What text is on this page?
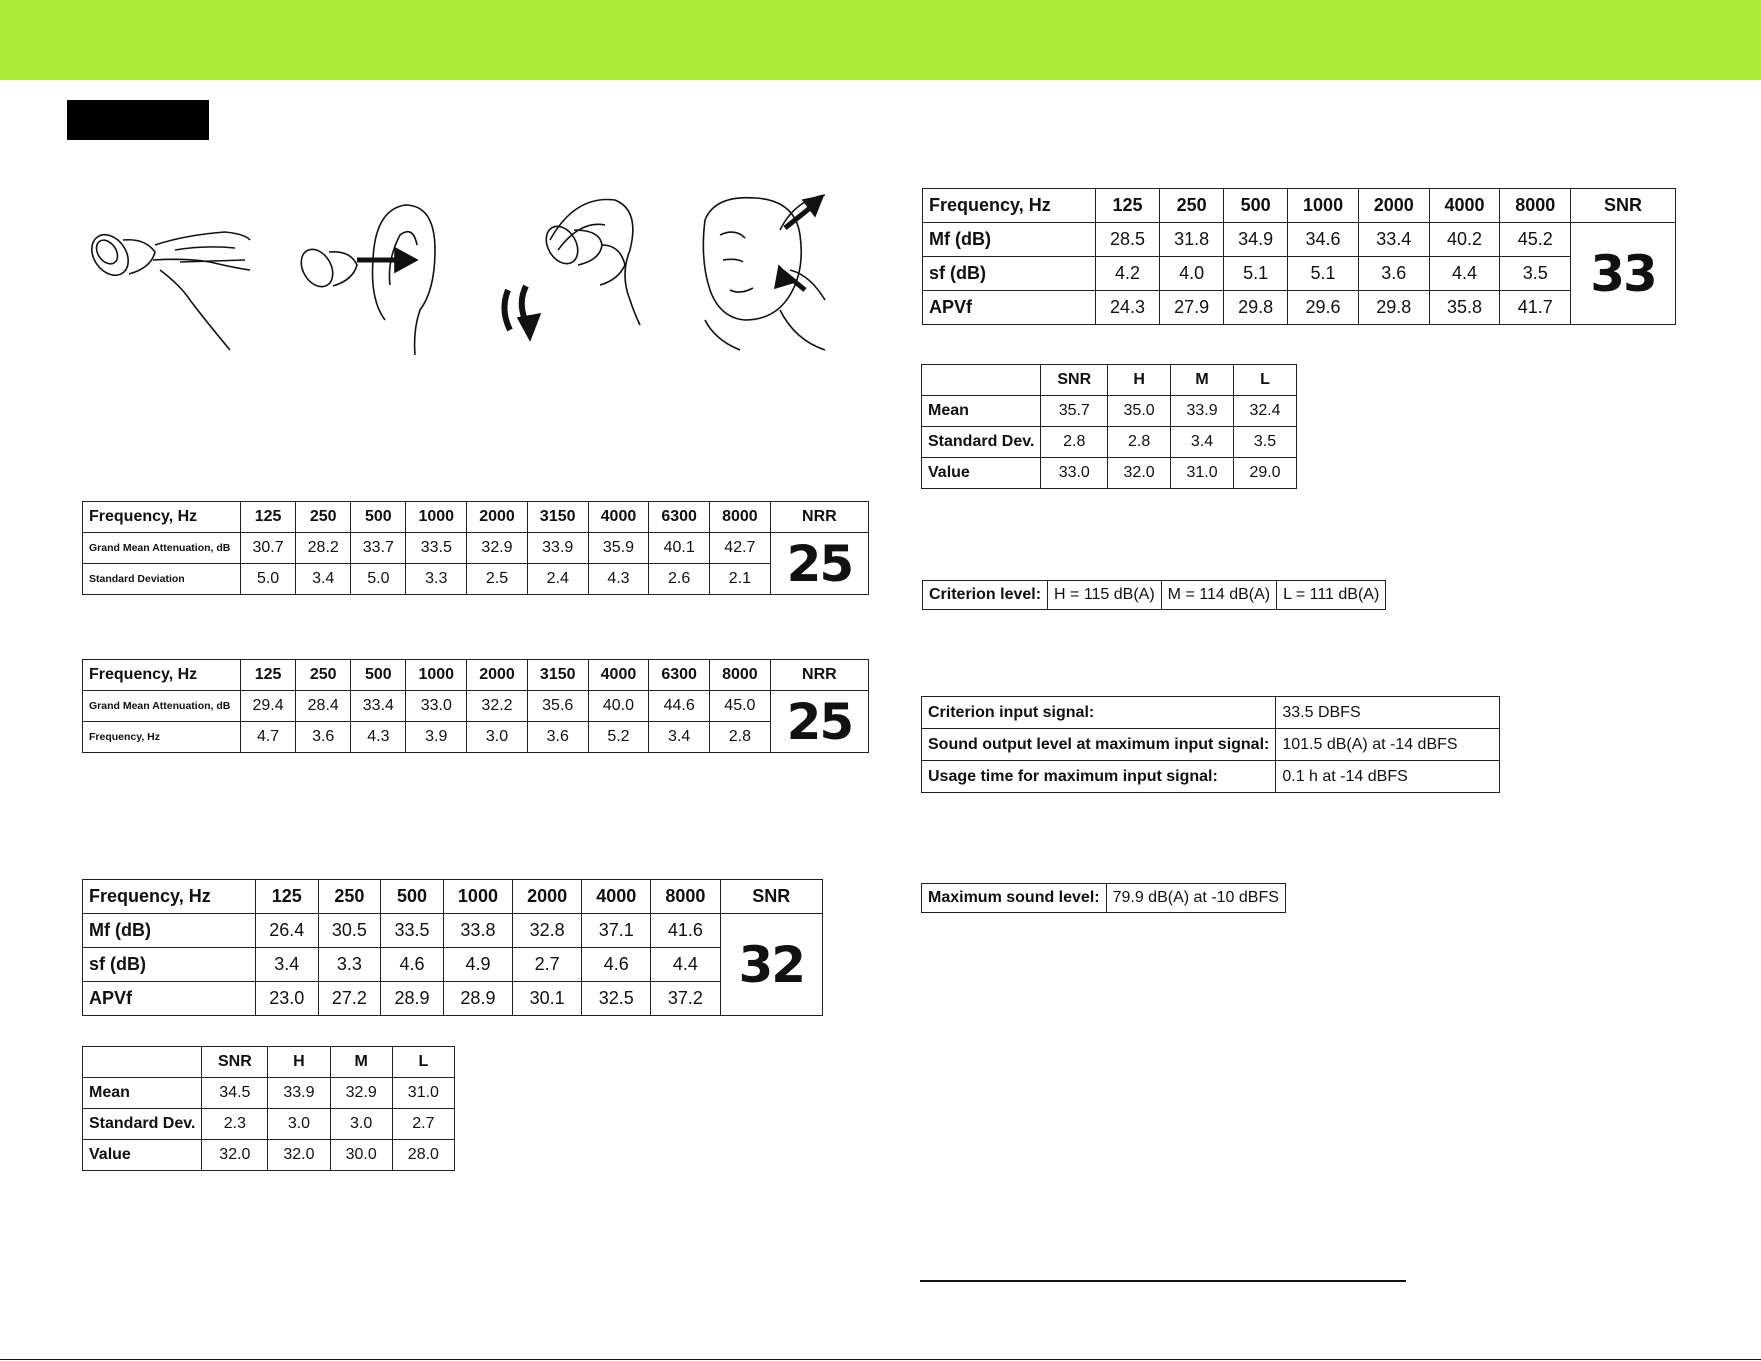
Frequency, Hz	125	250	500	1000	2000	3150	4000	6300	8000	NRR
Grand Mean Attenuation, dB	30.7	28.2	33.7	33.5	32.9	33.9	35.9	40.1	42.7	25
Standard Deviation	5.0	3.4	5.0	3.3	2.5	2.4	4.3	2.6	2.1	
Frequency, Hz	125	250	500	1000	2000	3150	4000	6300	8000	NRR
Grand Mean Attenuation, dB	29.4	28.4	33.4	33.0	32.2	35.6	40.0	44.6	45.0	25
Frequency, Hz	4.7	3.6	4.3	3.9	3.0	3.6	5.2	3.4	2.8	
Frequency, Hz	125	250	500	1000	2000	4000	8000	SNR
Mf (dB)	26.4	30.5	33.5	33.8	32.8	37.1	41.6	32
sf (dB)	3.4	3.3	4.6	4.9	2.7	4.6	4.4	
APVf	23.0	27.2	28.9	28.9	30.1	32.5	37.2	
	SNR	H	M	L
Mean	34.5	33.9	32.9	31.0
Standard Dev.	2.3	3.0	3.0	2.7
Value	32.0	32.0	30.0	28.0
Frequency, Hz	125	250	500	1000	2000	4000	8000	SNR
Mf (dB)	28.5	31.8	34.9	34.6	33.4	40.2	45.2	33
sf (dB)	4.2	4.0	5.1	5.1	3.6	4.4	3.5	
APVf	24.3	27.9	29.8	29.6	29.8	35.8	41.7	
	SNR	H	M	L
Mean	35.7	35.0	33.9	32.4
Standard Dev.	2.8	2.8	3.4	3.5
Value	33.0	32.0	31.0	29.0
Criterion level:	H = 115 dB(A)	M = 114 dB(A)	L = 111 dB(A)
Criterion input signal:	33.5 DBFS
Sound output level at maximum input signal:	101.5 dB(A) at -14 dBFS
Usage time for maximum input signal:	0.1 h at -14 dBFS
Maximum sound level:	79.9 dB(A) at -10 dBFS
